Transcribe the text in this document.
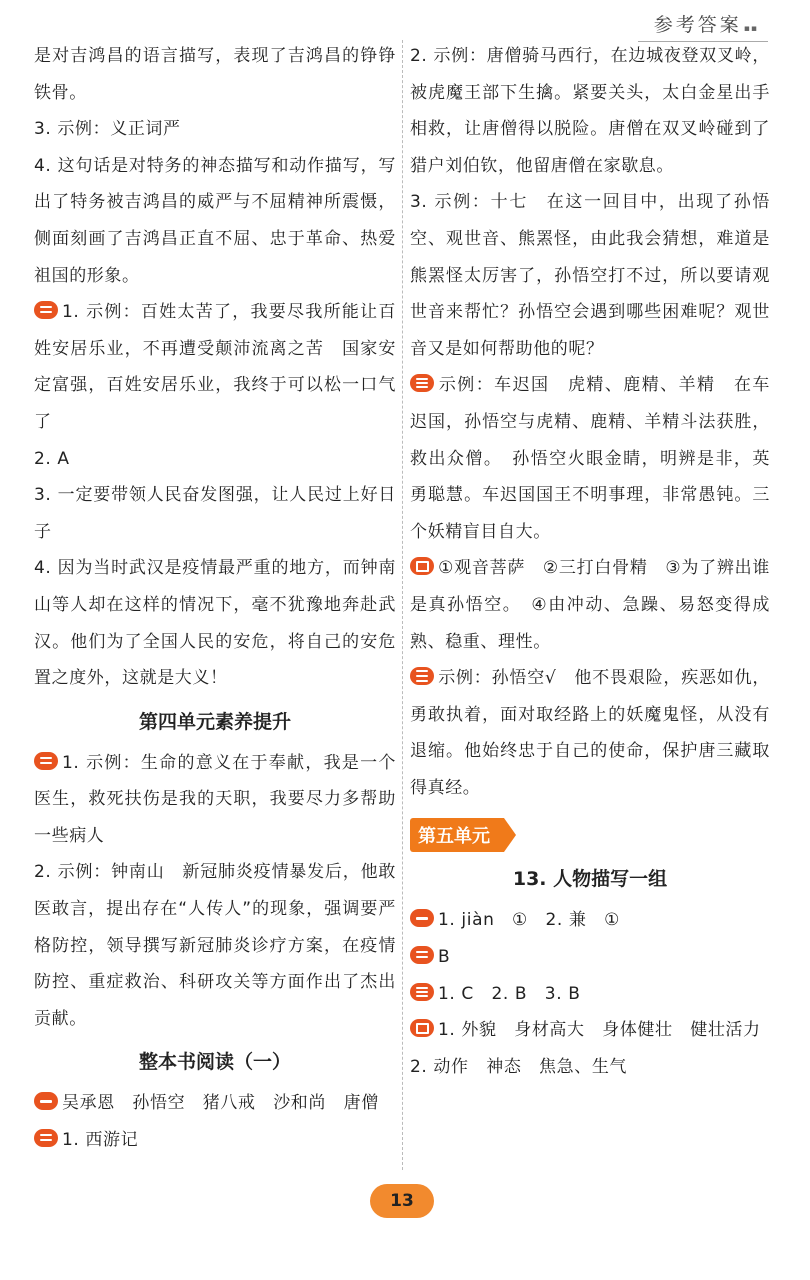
参考答案 ▪▪

是对吉鸿昌的语言描写，表现了吉鸿昌的铮铮铁骨。

3. 示例：义正词严

4. 这句话是对特务的神态描写和动作描写，写出了特务被吉鸿昌的威严与不屈精神所震慑，侧面刻画了吉鸿昌正直不屈、忠于革命、热爱祖国的形象。

1. 示例：百姓太苦了，我要尽我所能让百姓安居乐业，不再遭受颠沛流离之苦　国家安定富强，百姓安居乐业，我终于可以松一口气了

2. A

3. 一定要带领人民奋发图强，让人民过上好日子

4. 因为当时武汉是疫情最严重的地方，而钟南山等人却在这样的情况下，毫不犹豫地奔赴武汉。他们为了全国人民的安危，将自己的安危置之度外，这就是大义！

第四单元素养提升

1. 示例：生命的意义在于奉献，我是一个医生，救死扶伤是我的天职，我要尽力多帮助一些病人

2. 示例：钟南山　新冠肺炎疫情暴发后，他敢医敢言，提出存在“人传人”的现象，强调要严格防控，领导撰写新冠肺炎诊疗方案，在疫情防控、重症救治、科研攻关等方面作出了杰出贡献。

整本书阅读（一）

吴承恩　孙悟空　猪八戒　沙和尚　唐僧

1. 西游记

2. 示例：唐僧骑马西行，在边城夜登双叉岭，被虎魔王部下生擒。紧要关头，太白金星出手相救，让唐僧得以脱险。唐僧在双叉岭碰到了猎户刘伯钦，他留唐僧在家歇息。

3. 示例：十七　在这一回目中，出现了孙悟空、观世音、熊罴怪，由此我会猜想，难道是熊罴怪太厉害了，孙悟空打不过，所以要请观世音来帮忙？孙悟空会遇到哪些困难呢？观世音又是如何帮助他的呢？

示例：车迟国　虎精、鹿精、羊精　在车迟国，孙悟空与虎精、鹿精、羊精斗法获胜，救出众僧。　孙悟空火眼金睛，明辨是非，英勇聪慧。车迟国国王不明事理，非常愚钝。三个妖精盲目自大。

①观音菩萨　②三打白骨精　③为了辨出谁是真孙悟空。　④由冲动、急躁、易怒变得成熟、稳重、理性。

示例：孙悟空√　他不畏艰险，疾恶如仇，勇敢执着，面对取经路上的妖魔鬼怪，从没有退缩。他始终忠于自己的使命，保护唐三藏取得真经。

第五单元
13. 人物描写一组

1. jiàn　①　2. 兼　①

B

1. C　2. B　3. B

1. 外貌　身材高大　身体健壮　健壮活力

2. 动作　神态　焦急、生气

13
